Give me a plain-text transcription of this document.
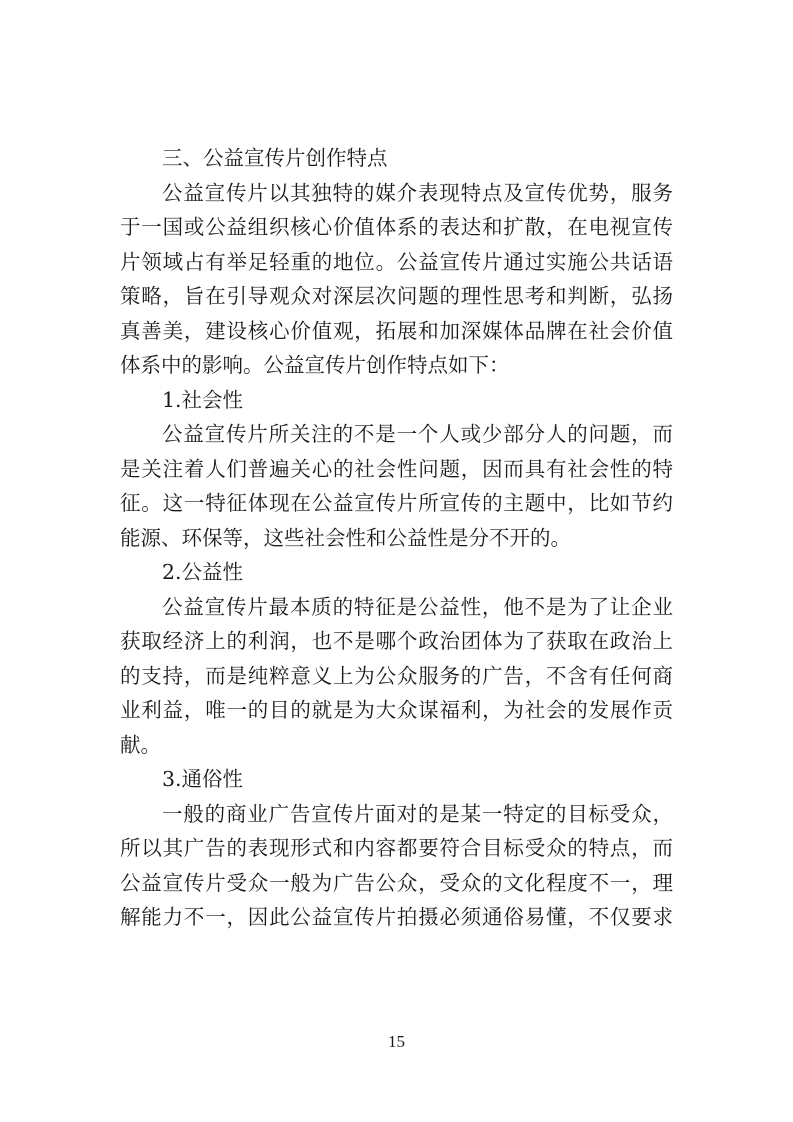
三、公益宣传片创作特点
公益宣传片以其独特的媒介表现特点及宣传优势，服务
于一国或公益组织核心价值体系的表达和扩散，在电视宣传
片领域占有举足轻重的地位。公益宣传片通过实施公共话语
策略，旨在引导观众对深层次问题的理性思考和判断，弘扬
真善美，建设核心价值观，拓展和加深媒体品牌在社会价值
体系中的影响。公益宣传片创作特点如下：
1.社会性
公益宣传片所关注的不是一个人或少部分人的问题，而
是关注着人们普遍关心的社会性问题，因而具有社会性的特
征。这一特征体现在公益宣传片所宣传的主题中，比如节约
能源、环保等，这些社会性和公益性是分不开的。
2.公益性
公益宣传片最本质的特征是公益性，他不是为了让企业
获取经济上的利润，也不是哪个政治团体为了获取在政治上
的支持，而是纯粹意义上为公众服务的广告，不含有任何商
业利益，唯一的目的就是为大众谋福利，为社会的发展作贡
献。
3.通俗性
一般的商业广告宣传片面对的是某一特定的目标受众，
所以其广告的表现形式和内容都要符合目标受众的特点，而
公益宣传片受众一般为广告公众，受众的文化程度不一，理
解能力不一，因此公益宣传片拍摄必须通俗易懂，不仅要求
15
